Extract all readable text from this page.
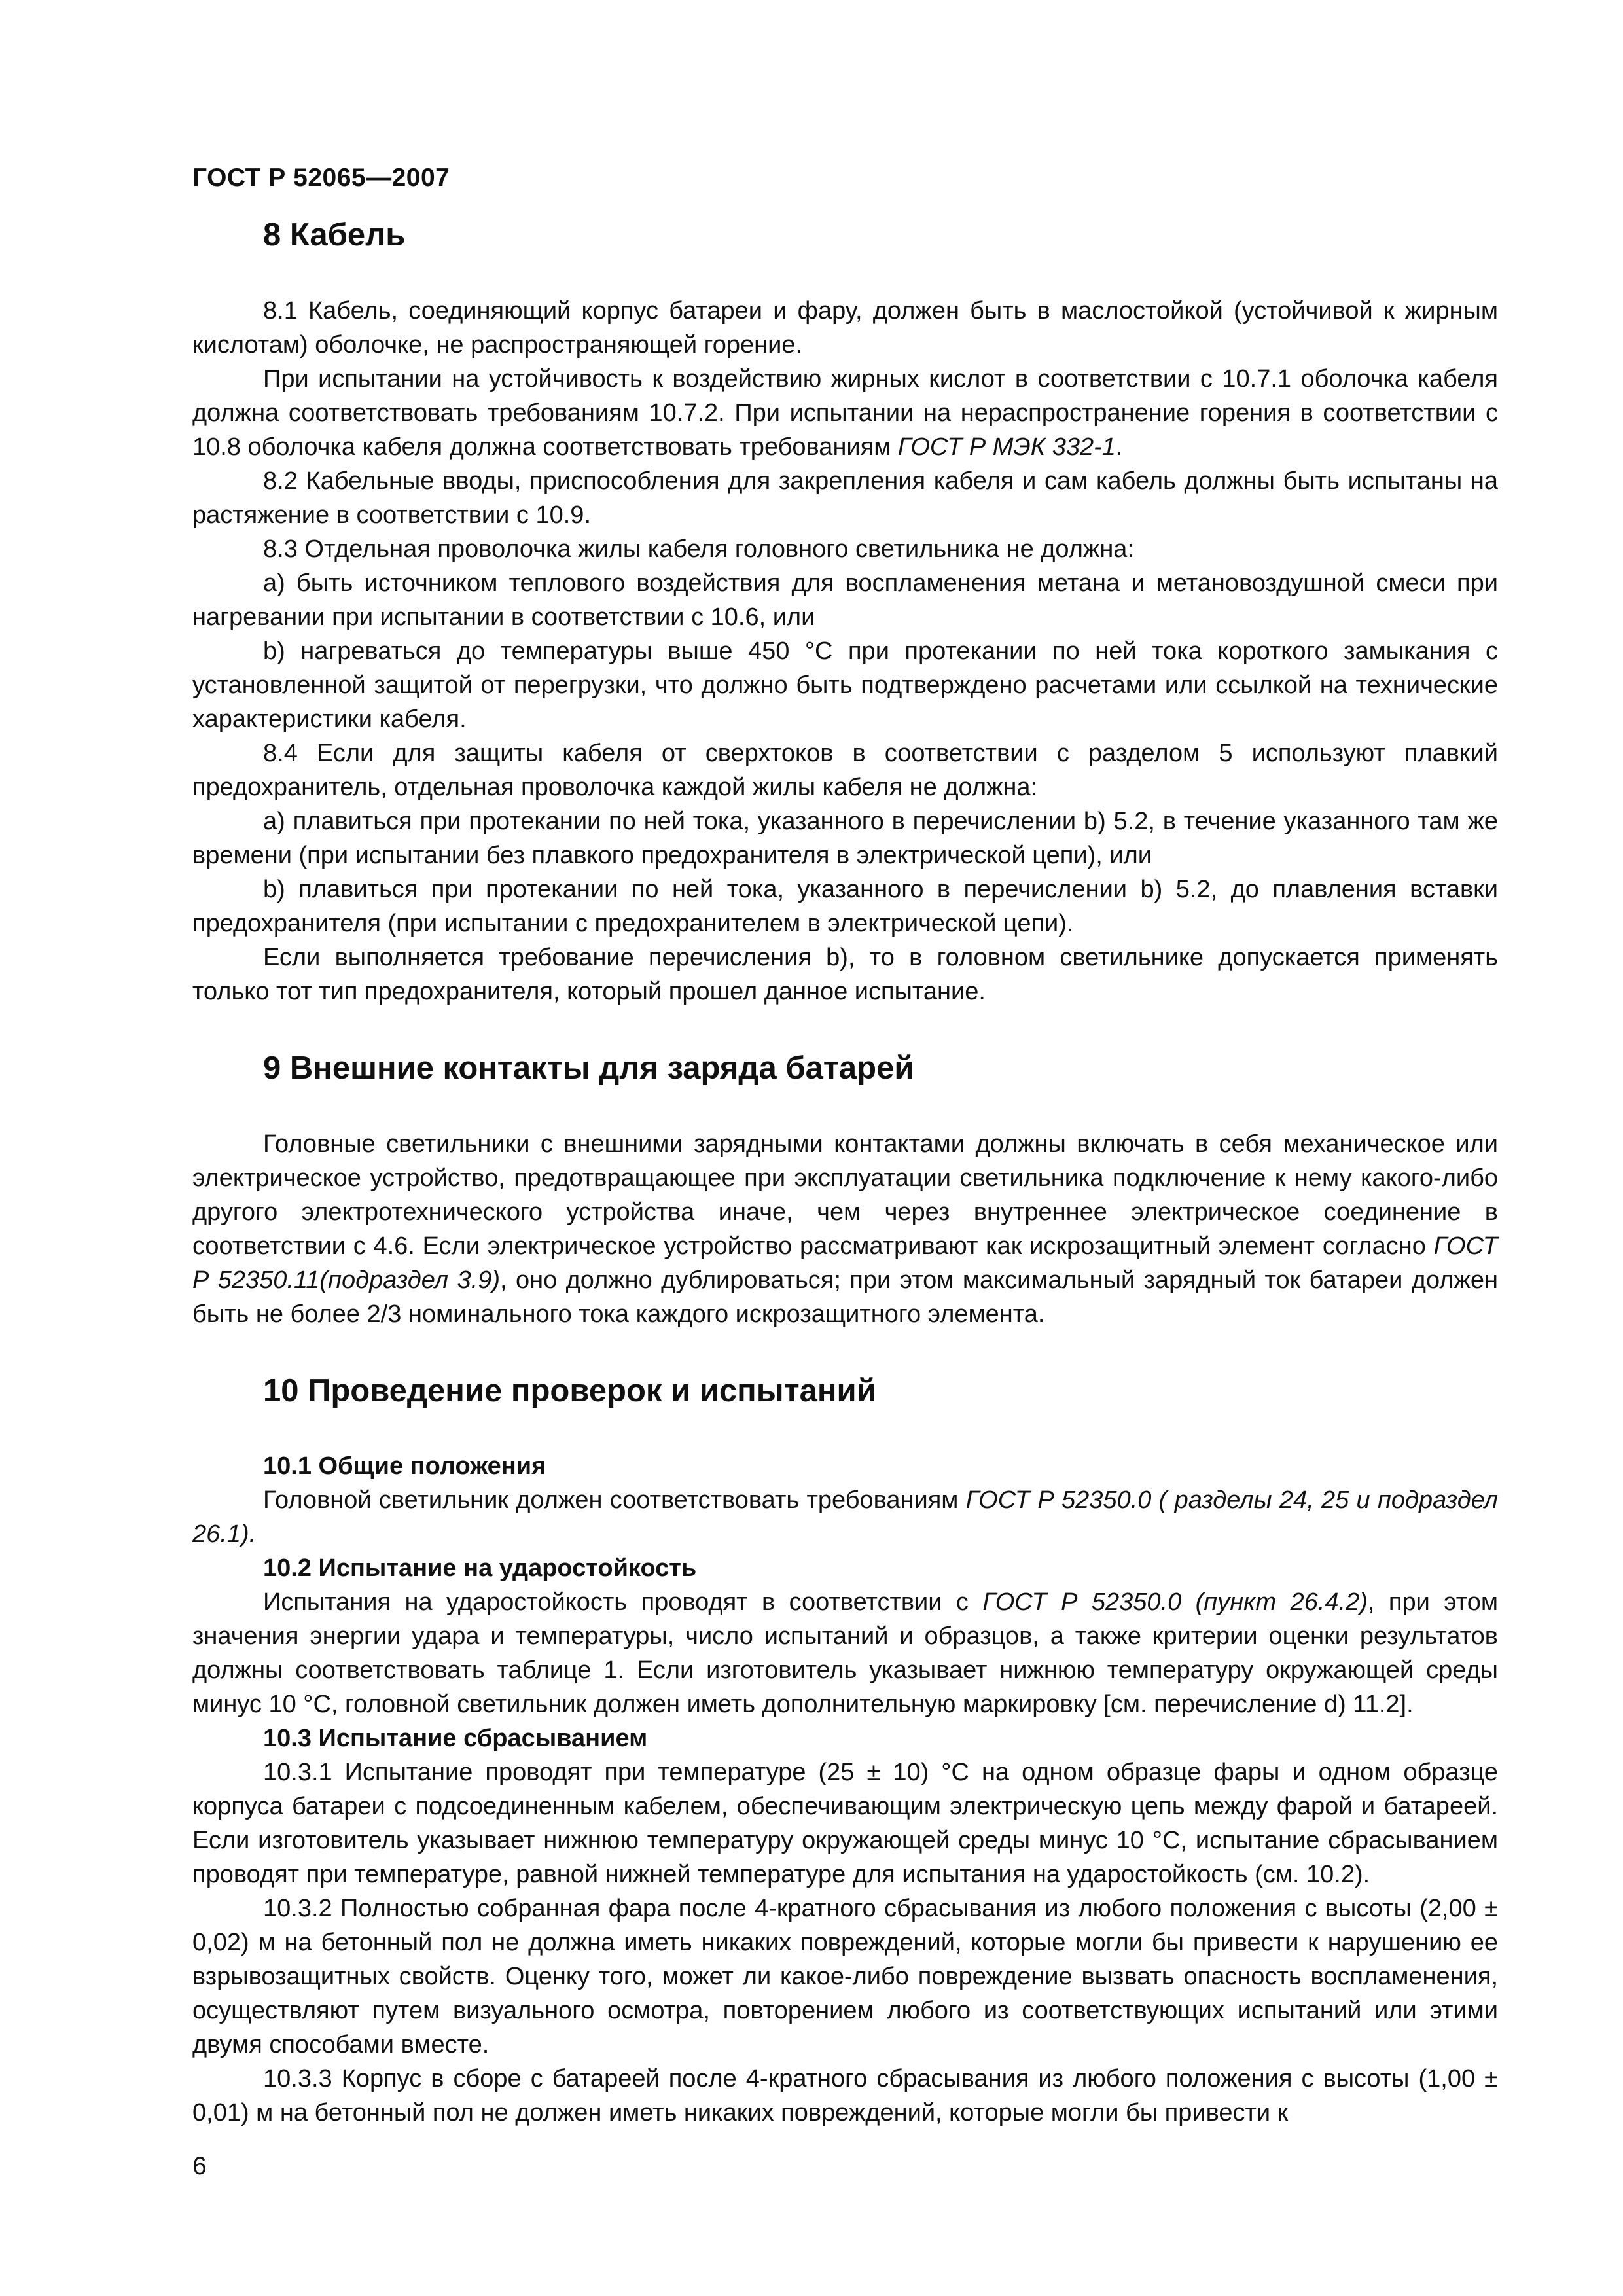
ГОСТ Р 52065—2007
8 Кабель

8.1 Кабель, соединяющий корпус батареи и фару, должен быть в маслостойкой (устойчивой к жирным кислотам) оболочке, не распространяющей горение.

При испытании на устойчивость к воздействию жирных кислот в соответствии с 10.7.1 оболочка кабеля должна соответствовать требованиям 10.7.2. При испытании на нераспространение горения в соответствии с 10.8 оболочка кабеля должна соответствовать требованиям ГОСТ Р МЭК 332-1.

8.2 Кабельные вводы, приспособления для закрепления кабеля и сам кабель должны быть испытаны на растяжение в соответствии с 10.9.

8.3 Отдельная проволочка жилы кабеля головного светильника не должна:

a) быть источником теплового воздействия для воспламенения метана и метановоздушной смеси при нагревании при испытании в соответствии с 10.6, или

b) нагреваться до температуры выше 450 °С при протекании по ней тока короткого замыкания с установленной защитой от перегрузки, что должно быть подтверждено расчетами или ссылкой на технические характеристики кабеля.

8.4 Если для защиты кабеля от сверхтоков в соответствии с разделом 5 используют плавкий предохранитель, отдельная проволочка каждой жилы кабеля не должна:

a) плавиться при протекании по ней тока, указанного в перечислении b) 5.2, в течение указанного там же времени (при испытании без плавкого предохранителя в электрической цепи), или

b) плавиться при протекании по ней тока, указанного в перечислении b) 5.2, до плавления вставки предохранителя (при испытании с предохранителем в электрической цепи).

Если выполняется требование перечисления b), то в головном светильнике допускается применять только тот тип предохранителя, который прошел данное испытание.

9 Внешние контакты для заряда батарей

Головные светильники с внешними зарядными контактами должны включать в себя механическое или электрическое устройство, предотвращающее при эксплуатации светильника подключение к нему какого-либо другого электротехнического устройства иначе, чем через внутреннее электрическое соединение в соответствии с 4.6. Если электрическое устройство рассматривают как искрозащитный элемент согласно ГОСТ Р 52350.11(подраздел 3.9), оно должно дублироваться; при этом максимальный зарядный ток батареи должен быть не более 2/3 номинального тока каждого искрозащитного элемента.

10 Проведение проверок и испытаний
10.1 Общие положения

Головной светильник должен соответствовать требованиям ГОСТ Р 52350.0 ( разделы 24, 25 и подраздел 26.1).

10.2 Испытание на ударостойкость

Испытания на ударостойкость проводят в соответствии с ГОСТ Р 52350.0 (пункт 26.4.2), при этом значения энергии удара и температуры, число испытаний и образцов, а также критерии оценки результатов должны соответствовать таблице 1. Если изготовитель указывает нижнюю температуру окружающей среды минус 10 °С, головной светильник должен иметь дополнительную маркировку [см. перечисление d) 11.2].

10.3 Испытание сбрасыванием

10.3.1 Испытание проводят при температуре (25 ± 10) °С на одном образце фары и одном образце корпуса батареи с подсоединенным кабелем, обеспечивающим электрическую цепь между фарой и батареей. Если изготовитель указывает нижнюю температуру окружающей среды минус 10 °С, испытание сбрасыванием проводят при температуре, равной нижней температуре для испытания на ударостойкость (см. 10.2).

10.3.2 Полностью собранная фара после 4-кратного сбрасывания из любого положения с высоты (2,00 ± 0,02) м на бетонный пол не должна иметь никаких повреждений, которые могли бы привести к нарушению ее взрывозащитных свойств. Оценку того, может ли какое-либо повреждение вызвать опасность воспламенения, осуществляют путем визуального осмотра, повторением любого из соответствующих испытаний или этими двумя способами вместе.

10.3.3 Корпус в сборе с батареей после 4-кратного сбрасывания из любого положения с высоты (1,00 ± 0,01) м на бетонный пол не должен иметь никаких повреждений, которые могли бы привести к

6
